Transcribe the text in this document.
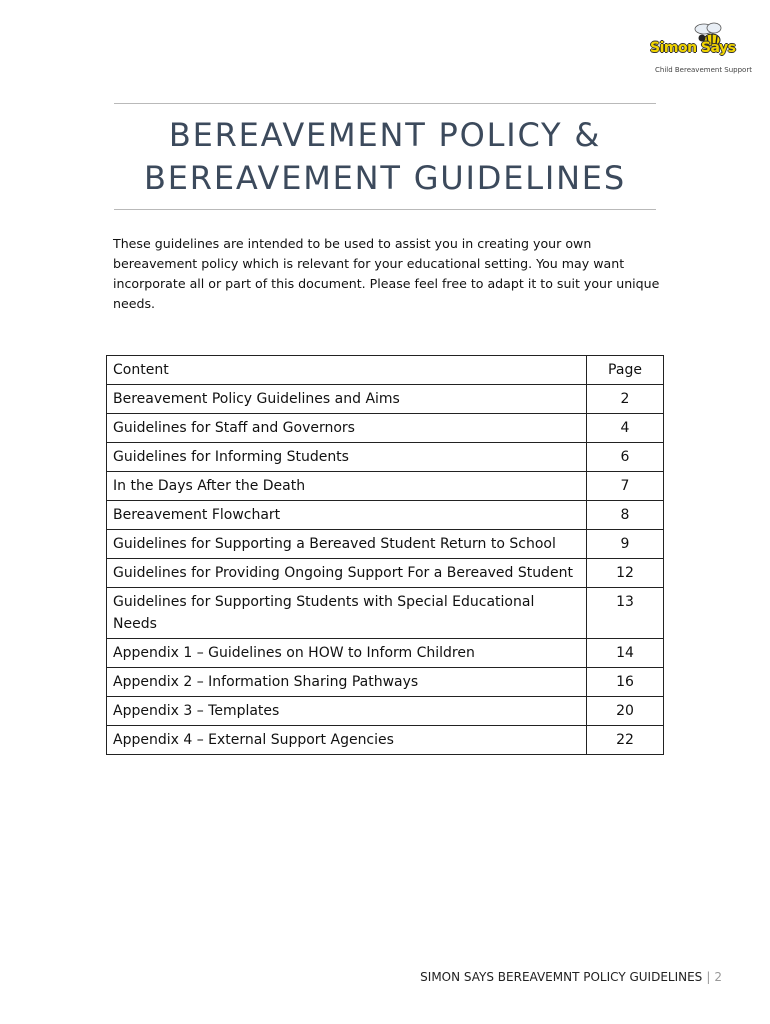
Simon Says
Child Bereavement Support
BEREAVEMENT POLICY &
BEREAVEMENT GUIDELINES

These guidelines are intended to be used to assist you in creating your own bereavement policy which is relevant for your educational setting. You may want incorporate all or part of this document. Please feel free to adapt it to suit your unique needs.

Content	Page
Bereavement Policy Guidelines and Aims	2
Guidelines for Staff and Governors	4
Guidelines for Informing Students	6
In the Days After the Death	7
Bereavement Flowchart	8
Guidelines for Supporting a Bereaved Student Return to School	9
Guidelines for Providing Ongoing Support For a Bereaved Student	12
Guidelines for Supporting Students with Special Educational Needs	13
Appendix 1 – Guidelines on HOW to Inform Children	14
Appendix 2 – Information Sharing Pathways	16
Appendix 3 – Templates	20
Appendix 4 – External Support Agencies	22
SIMON SAYS BEREAVEMNT POLICY GUIDELINES | 2
